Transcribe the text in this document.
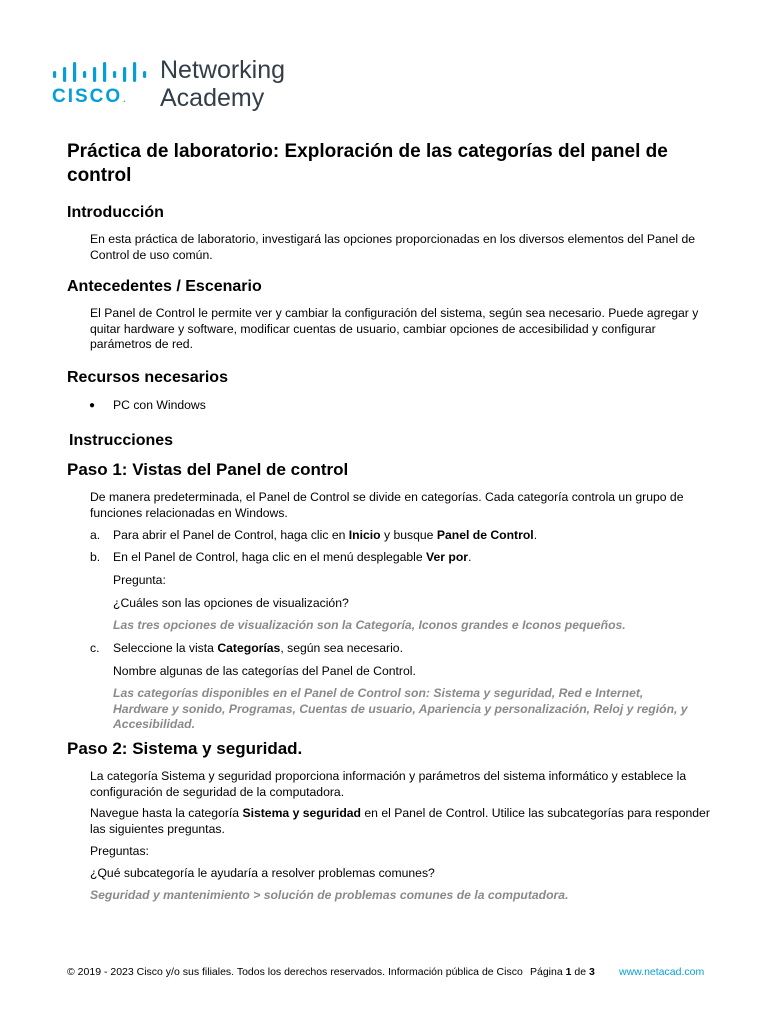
CISCO.
Networking
Academy
Práctica de laboratorio: Exploración de las categorías del panel de control
Introducción

En esta práctica de laboratorio, investigará las opciones proporcionadas en los diversos elementos del Panel de Control de uso común.

Antecedentes / Escenario

El Panel de Control le permite ver y cambiar la configuración del sistema, según sea necesario. Puede agregar y quitar hardware y software, modificar cuentas de usuario, cambiar opciones de accesibilidad y configurar parámetros de red.

Recursos necesarios
● PC con Windows
Instrucciones
Paso 1: Vistas del Panel de control

De manera predeterminada, el Panel de Control se divide en categorías. Cada categoría controla un grupo de funciones relacionadas en Windows.

a. Para abrir el Panel de Control, haga clic en Inicio y busque Panel de Control.

b. En el Panel de Control, haga clic en el menú desplegable Ver por.

Pregunta:

¿Cuáles son las opciones de visualización?

Las tres opciones de visualización son la Categoría, Iconos grandes e Iconos pequeños.

c. Seleccione la vista Categorías, según sea necesario.

Nombre algunas de las categorías del Panel de Control.

Las categorías disponibles en el Panel de Control son: Sistema y seguridad, Red e Internet, Hardware y sonido, Programas, Cuentas de usuario, Apariencia y personalización, Reloj y región, y Accesibilidad.

Paso 2: Sistema y seguridad.

La categoría Sistema y seguridad proporciona información y parámetros del sistema informático y establece la configuración de seguridad de la computadora.

Navegue hasta la categoría Sistema y seguridad en el Panel de Control. Utilice las subcategorías para responder las siguientes preguntas.

Preguntas:

¿Qué subcategoría le ayudaría a resolver problemas comunes?

Seguridad y mantenimiento > solución de problemas comunes de la computadora.

© 2019 - 2023 Cisco y/o sus filiales. Todos los derechos reservados. Información pública de Cisco Página 1 de 3 www.netacad.com
